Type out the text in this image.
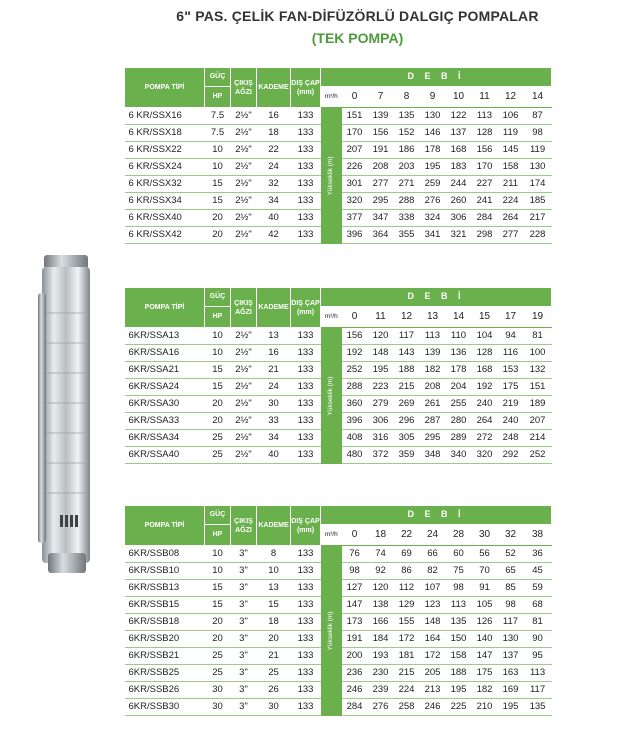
6" PAS. ÇELİK FAN-DİFÜZÖRLÜ DALGIÇ POMPALAR
(TEK POMPA)
POMPA TİPİ	GÜÇ	ÇIKIŞ AĞZI	KADEME	DIŞ ÇAP (mm)	D E B İ								
	HP				m³/h	0	7	8	9	10	11	12	14
6 KR/SSX16	7.5	2½"	16	133	Yükseklik (m)	151	139	135	130	122	113	106	87
6 KR/SSX18	7.5	2½"	18	133		170	156	152	146	137	128	119	98
6 KR/SSX22	10	2½"	22	133		207	191	186	178	168	156	145	119
6 KR/SSX24	10	2½"	24	133		226	208	203	195	183	170	158	130
6 KR/SSX32	15	2½"	32	133		301	277	271	259	244	227	211	174
6 KR/SSX34	15	2½"	34	133		320	295	288	276	260	241	224	185
6 KR/SSX40	20	2½"	40	133		377	347	338	324	306	284	264	217
6 KR/SSX42	20	2½"	42	133		396	364	355	341	321	298	277	228
POMPA TİPİ	GÜÇ	ÇIKIŞ AĞZI	KADEME	DIŞ ÇAP (mm)	D E B İ								
	HP				m³/h	0	11	12	13	14	15	17	19
6KR/SSA13	10	2½"	13	133	Yükseklik (m)	156	120	117	113	110	104	94	81
6KR/SSA16	10	2½"	16	133		192	148	143	139	136	128	116	100
6KR/SSA21	15	2½"	21	133		252	195	188	182	178	168	153	132
6KR/SSA24	15	2½"	24	133		288	223	215	208	204	192	175	151
6KR/SSA30	20	2½"	30	133		360	279	269	261	255	240	219	189
6KR/SSA33	20	2½"	33	133		396	306	296	287	280	264	240	207
6KR/SSA34	25	2½"	34	133		408	316	305	295	289	272	248	214
6KR/SSA40	25	2½"	40	133		480	372	359	348	340	320	292	252
POMPA TİPİ	GÜÇ	ÇIKIŞ AĞZI	KADEME	DIŞ ÇAP (mm)	D E B İ								
	HP				m³/h	0	18	22	24	28	30	32	38
6KR/SSB08	10	3"	8	133	Yükseklik (m)	76	74	69	66	60	56	52	36
6KR/SSB10	10	3"	10	133		98	92	86	82	75	70	65	45
6KR/SSB13	15	3"	13	133		127	120	112	107	98	91	85	59
6KR/SSB15	15	3"	15	133		147	138	129	123	113	105	98	68
6KR/SSB18	20	3"	18	133		173	166	155	148	135	126	117	81
6KR/SSB20	20	3"	20	133		191	184	172	164	150	140	130	90
6KR/SSB21	25	3"	21	133		200	193	181	172	158	147	137	95
6KR/SSB25	25	3"	25	133		236	230	215	205	188	175	163	113
6KR/SSB26	30	3"	26	133		246	239	224	213	195	182	169	117
6KR/SSB30	30	3"	30	133		284	276	258	246	225	210	195	135
